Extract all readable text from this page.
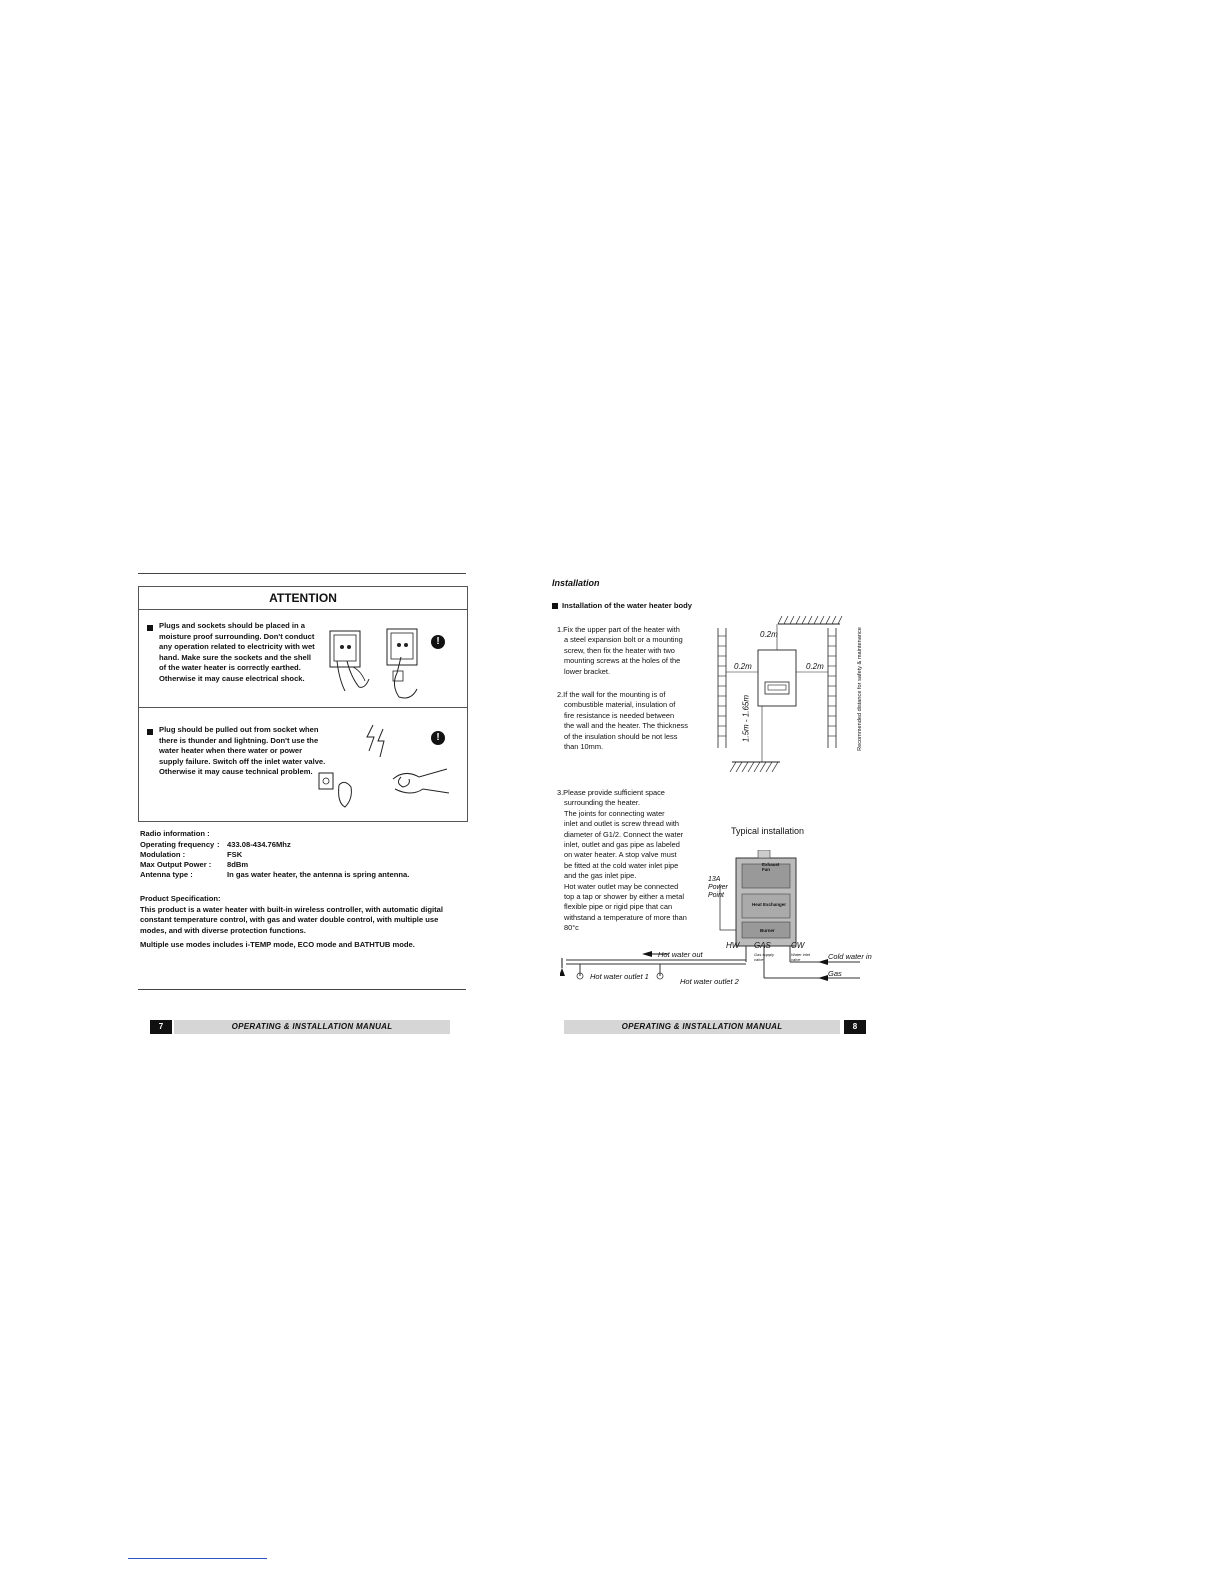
ATTENTION
Plugs and sockets should be placed in a
moisture proof surrounding. Don't conduct
any operation related to electricity with wet
hand. Make sure the sockets and the shell
of the water heater is correctly earthed.
Otherwise it may cause electrical shock.
!
Plug should be pulled out from socket when
there is thunder and lightning. Don't use the
water heater when there water or power
supply failure. Switch off the inlet water valve.
Otherwise it may cause technical problem.
!
Radio information :
Operating frequency	:	433.08-434.76Mhz
Modulation :		FSK
Max Output Power :		8dBm
Antenna type :		In gas water heater, the antenna is spring antenna.
Product Specification:
This product is a water heater with built-in wireless controller, with automatic digital
constant temperature control, with gas and water double control, with multiple use
modes, and with diverse protection functions.
Multiple use modes includes i-TEMP mode, ECO mode and BATHTUB mode.
7	OPERATING & INSTALLATION MANUAL
Installation
Installation of the water heater body
1.Fix the upper part of the heater with
a steel expansion bolt or a mounting
screw, then fix the heater with two
mounting screws at the holes of the
lower bracket.
2.If the wall for the mounting is of
combustible material, insulation of
fire resistance is needed between
the wall and the heater. The thickness
of the insulation should be not less
than 10mm.
3.Please provide sufficient space
surrounding the heater.
The joints for connecting water
inlet and outlet is screw thread with
diameter of G1/2. Connect the water
inlet, outlet and gas pipe as labeled
on water heater. A stop valve must
be fitted at the cold water inlet pipe
and the gas inlet pipe.
Hot water outlet may be connected
top a tap or shower by either a metal
flexible pipe or rigid pipe that can
withstand a temperature of more than
80°c
0.2m
0.2m	0.2m
1.5m - 1.65m	Recommended distance for safety & maintenance
Typical installation
13A
Power
Point
Exhaust
Fan
Heat Exchanger
Burner
HW GAS	CW
Gas supply
valve
Water inlet
valve
Hot water out	Cold water in
Gas
Hot water outlet 1
Hot water outlet 2
OPERATING & INSTALLATION MANUAL	8
